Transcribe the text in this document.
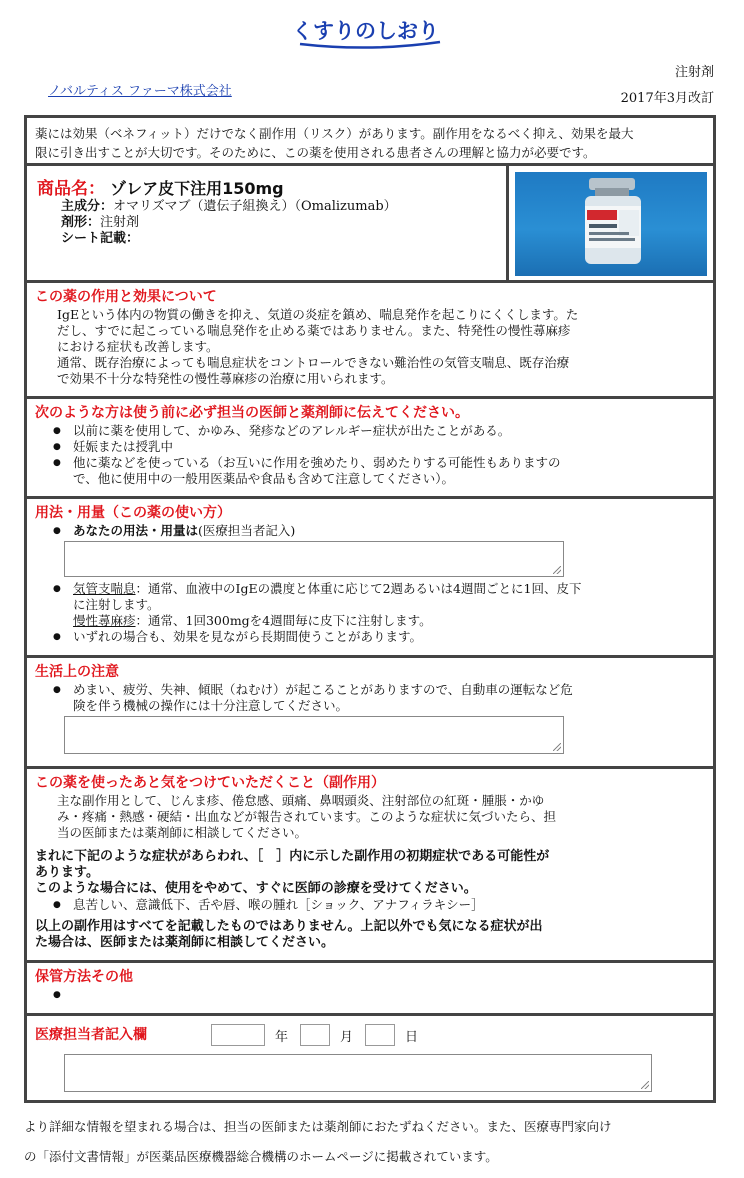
くすりのしおり
ノバルティス ファーマ株式会社
注射剤
2017年3月改訂
薬には効果（ベネフィット）だけでなく副作用（リスク）があります。副作用をなるべく抑え、効果を最大
限に引き出すことが大切です。そのために、この薬を使用される患者さんの理解と協力が必要です。
商品名： ゾレア皮下注用150mg
主成分：オマリズマブ（遺伝子組換え）（Omalizumab）
剤形：注射剤
シート記載：
この薬の作用と効果について
IgEという体内の物質の働きを抑え、気道の炎症を鎮め、喘息発作を起こりにくくします。た
だし、すでに起こっている喘息発作を止める薬ではありません。また、特発性の慢性蕁麻疹
における症状も改善します。
通常、既存治療によっても喘息症状をコントロールできない難治性の気管支喘息、既存治療
で効果不十分な特発性の慢性蕁麻疹の治療に用いられます。
次のような方は使う前に必ず担当の医師と薬剤師に伝えてください。
● 以前に薬を使用して、かゆみ、発疹などのアレルギー症状が出たことがある。
● 妊娠または授乳中
● 他に薬などを使っている（お互いに作用を強めたり、弱めたりする可能性もありますの
で、他に使用中の一般用医薬品や食品も含めて注意してください）。
用法・用量（この薬の使い方）
● あなたの用法・用量は(医療担当者記入)
● 気管支喘息：通常、血液中のIgEの濃度と体重に応じて2週あるいは4週間ごとに1回、皮下
に注射します。
慢性蕁麻疹：通常、1回300mgを4週間毎に皮下に注射します。
● いずれの場合も、効果を見ながら長期間使うことがあります。
生活上の注意
● めまい、疲労、失神、傾眠（ねむけ）が起こることがありますので、自動車の運転など危
険を伴う機械の操作には十分注意してください。
この薬を使ったあと気をつけていただくこと（副作用）
主な副作用として、じんま疹、倦怠感、頭痛、鼻咽頭炎、注射部位の紅斑・腫脹・かゆ
み・疼痛・熱感・硬結・出血などが報告されています。このような症状に気づいたら、担
当の医師または薬剤師に相談してください。
まれに下記のような症状があらわれ、［　］内に示した副作用の初期症状である可能性が
あります。
このような場合には、使用をやめて、すぐに医師の診療を受けてください。
● 息苦しい、意識低下、舌や唇、喉の腫れ［ショック、アナフィラキシー］
以上の副作用はすべてを記載したものではありません。上記以外でも気になる症状が出
た場合は、医師または薬剤師に相談してください。
保管方法その他
●
医療担当者記入欄	年	月	日
より詳細な情報を望まれる場合は、担当の医師または薬剤師におたずねください。また、医療専門家向け
の「添付文書情報」が医薬品医療機器総合機構のホームページに掲載されています。
